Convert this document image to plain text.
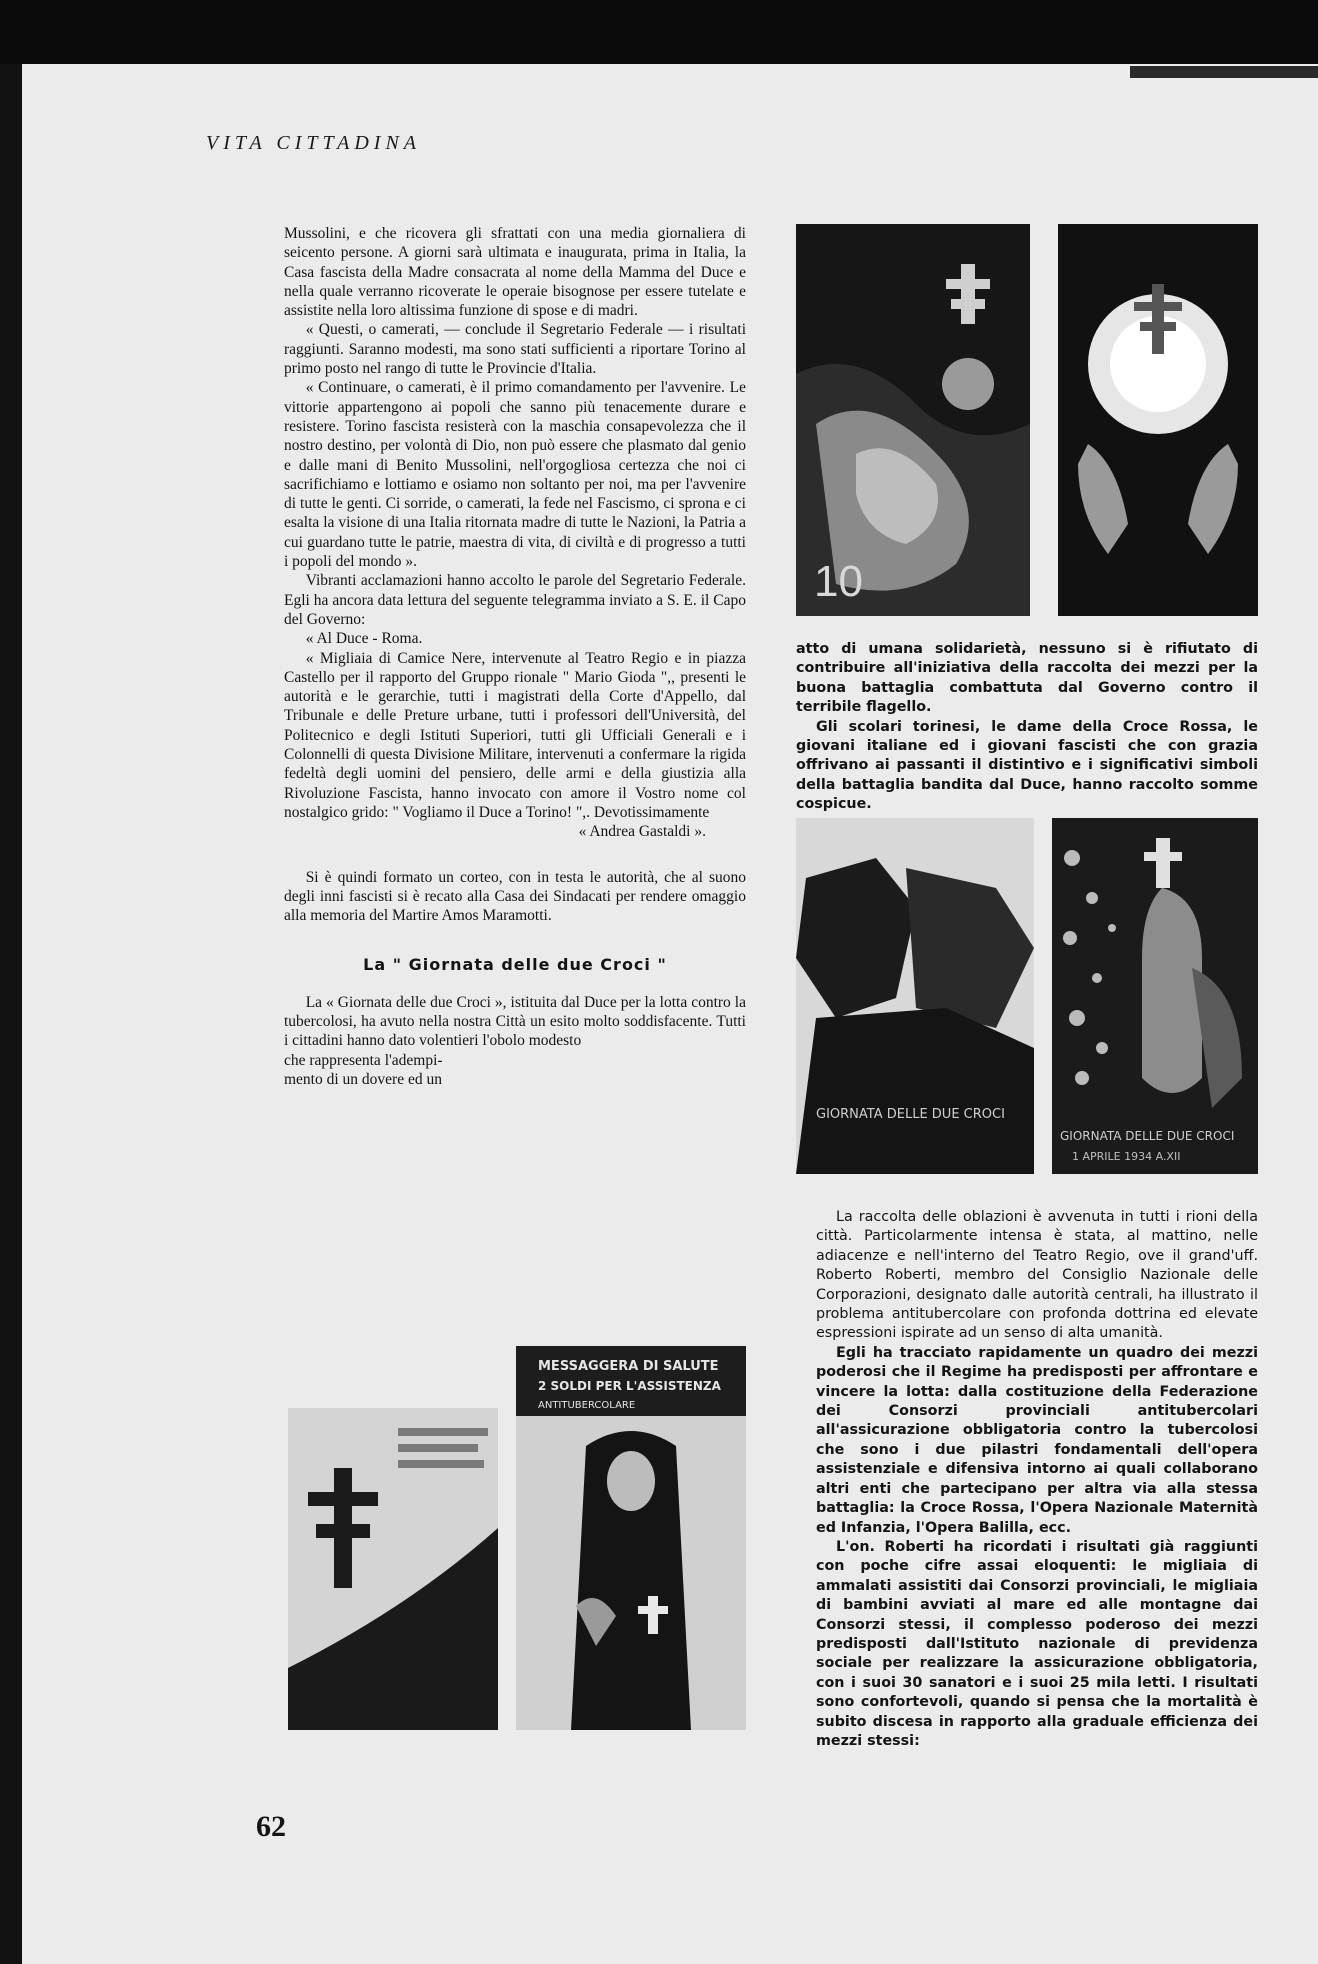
VITA CITTADINA

Mussolini, e che ricovera gli sfrattati con una media giornaliera di seicento persone. A giorni sarà ultimata e inaugurata, prima in Italia, la Casa fascista della Madre consacrata al nome della Mamma del Duce e nella quale verranno ricoverate le operaie bisognose per essere tutelate e assistite nella loro altissima funzione di spose e di madri.

« Questi, o camerati, — conclude il Segretario Federale — i risultati raggiunti. Saranno modesti, ma sono stati sufficienti a riportare Torino al primo posto nel rango di tutte le Provincie d'Italia.

« Continuare, o camerati, è il primo comandamento per l'avvenire. Le vittorie appartengono ai popoli che sanno più tenacemente durare e resistere. Torino fascista resisterà con la maschia consapevolezza che il nostro destino, per volontà di Dio, non può essere che plasmato dal genio e dalle mani di Benito Mussolini, nell'orgogliosa certezza che noi ci sacrifichiamo e lottiamo e osiamo non soltanto per noi, ma per l'avvenire di tutte le genti. Ci sorride, o camerati, la fede nel Fascismo, ci sprona e ci esalta la visione di una Italia ritornata madre di tutte le Nazioni, la Patria a cui guardano tutte le patrie, maestra di vita, di civiltà e di progresso a tutti i popoli del mondo ».

Vibranti acclamazioni hanno accolto le parole del Segretario Federale. Egli ha ancora data lettura del seguente telegramma inviato a S. E. il Capo del Governo:

« Al Duce - Roma.

« Migliaia di Camice Nere, intervenute al Teatro Regio e in piazza Castello per il rapporto del Gruppo rionale " Mario Gioda ",, presenti le autorità e le gerarchie, tutti i magistrati della Corte d'Appello, dal Tribunale e delle Preture urbane, tutti i professori dell'Università, del Politecnico e degli Istituti Superiori, tutti gli Ufficiali Generali e i Colonnelli di questa Divisione Militare, intervenuti a confermare la rigida fedeltà degli uomini del pensiero, delle armi e della giustizia alla Rivoluzione Fascista, hanno invocato con amore il Vostro nome col nostalgico grido: " Vogliamo il Duce a Torino! ",. Devotissimamente

« Andrea Gastaldi ».

Si è quindi formato un corteo, con in testa le autorità, che al suono degli inni fascisti si è recato alla Casa dei Sindacati per rendere omaggio alla memoria del Martire Amos Maramotti.

La " Giornata delle due Croci "

La « Giornata delle due Croci », istituita dal Duce per la lotta contro la tubercolosi, ha avuto nella nostra Città un esito molto soddisfacente. Tutti i cittadini hanno dato volentieri l'obolo modesto

che rappresenta l'adempi-

mento di un dovere ed un

10

atto di umana solidarietà, nessuno si è rifiutato di contribuire all'iniziativa della raccolta dei mezzi per la buona battaglia combattuta dal Governo contro il terribile flagello.

Gli scolari torinesi, le dame della Croce Rossa, le giovani italiane ed i giovani fascisti che con grazia offrivano ai passanti il distintivo e i significativi simboli della battaglia bandita dal Duce, hanno raccolto somme cospicue.

GIORNATA DELLE DUE CROCI
GIORNATA DELLE DUE CROCI
1 APRILE 1934 A.XII
MESSAGGERA DI SALUTE
2 SOLDI PER L'ASSISTENZA
ANTITUBERCOLARE

La raccolta delle oblazioni è avvenuta in tutti i rioni della città. Particolarmente intensa è stata, al mattino, nelle adiacenze e nell'interno del Teatro Regio, ove il grand'uff. Roberto Roberti, membro del Consiglio Nazionale delle Corporazioni, designato dalle autorità centrali, ha illustrato il problema antitubercolare con profonda dottrina ed elevate espressioni ispirate ad un senso di alta umanità.

Egli ha tracciato rapidamente un quadro dei mezzi poderosi che il Regime ha predisposti per affrontare e vincere la lotta: dalla costituzione della Federazione dei Consorzi provinciali antitubercolari all'assicurazione obbligatoria contro la tubercolosi che sono i due pilastri fondamentali dell'opera assistenziale e difensiva intorno ai quali collaborano altri enti che partecipano per altra via alla stessa battaglia: la Croce Rossa, l'Opera Nazionale Maternità ed Infanzia, l'Opera Balilla, ecc.

L'on. Roberti ha ricordati i risultati già raggiunti con poche cifre assai eloquenti: le migliaia di ammalati assistiti dai Consorzi provinciali, le migliaia di bambini avviati al mare ed alle montagne dai Consorzi stessi, il complesso poderoso dei mezzi predisposti dall'Istituto nazionale di previdenza sociale per realizzare la assicurazione obbligatoria, con i suoi 30 sanatori e i suoi 25 mila letti. I risultati sono confortevoli, quando si pensa che la mortalità è subito discesa in rapporto alla graduale efficienza dei mezzi stessi:

62
